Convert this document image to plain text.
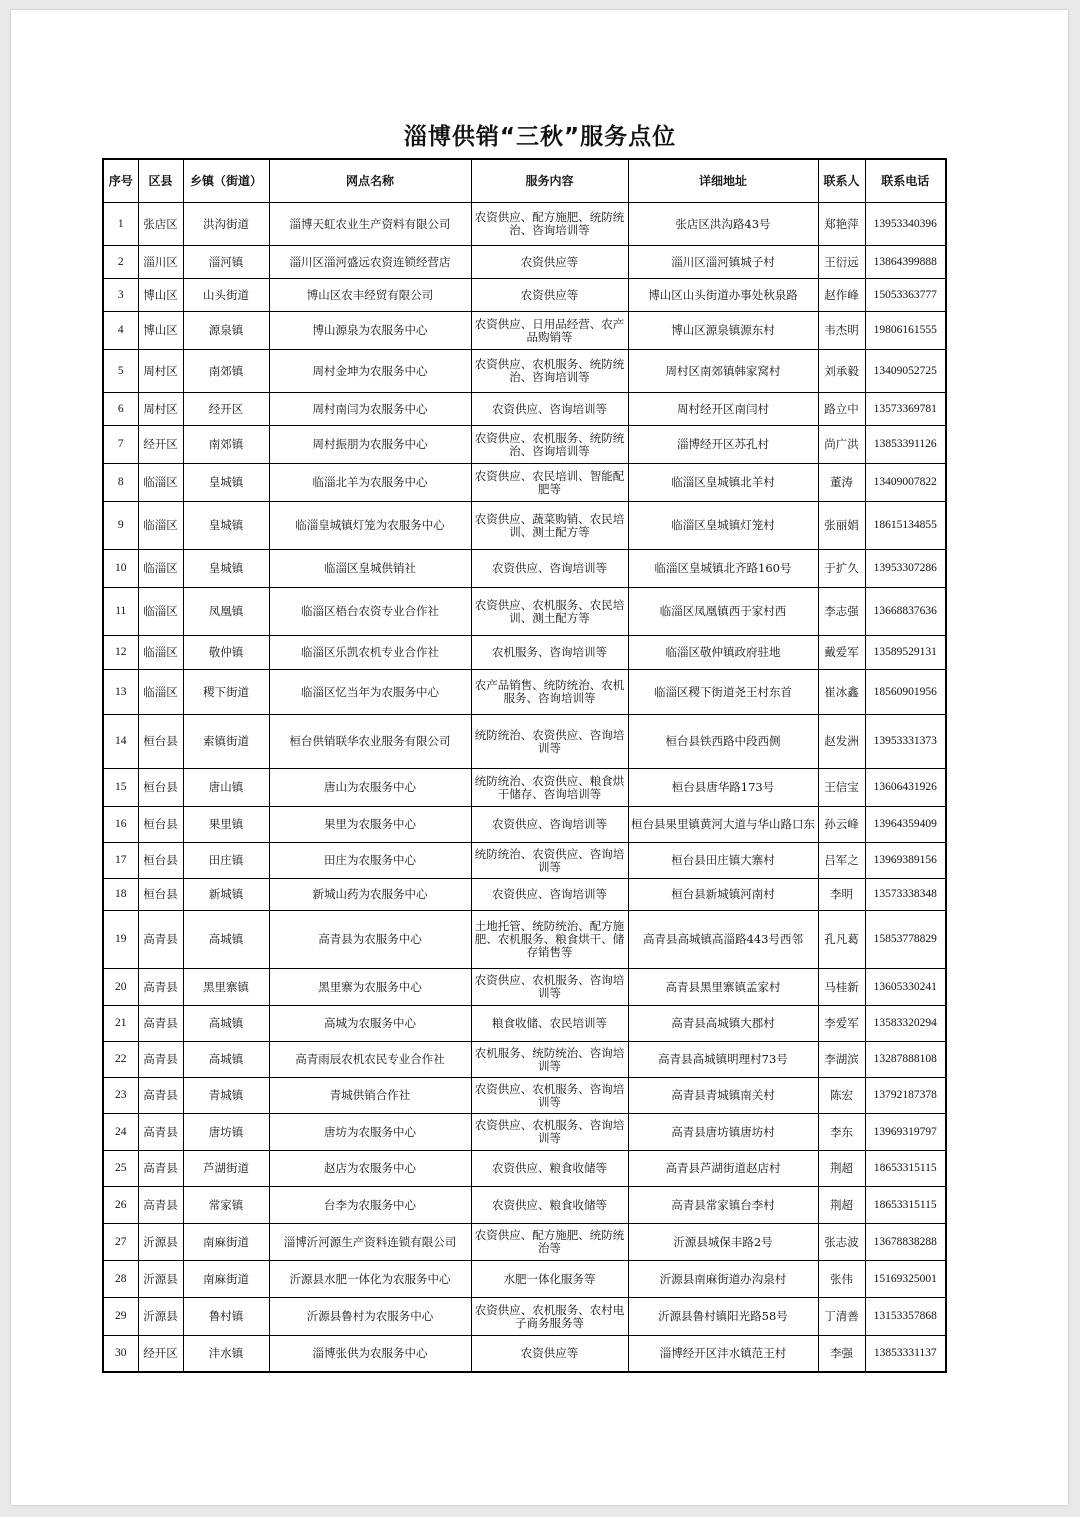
淄博供销“三秋”服务点位
序号	区县	乡镇（街道）	网点名称	服务内容	详细地址	联系人	联系电话
1	张店区	洪沟街道	淄博天虹农业生产资料有限公司	农资供应、配方施肥、统防统治、咨询培训等	张店区洪沟路43号	郑艳萍	13953340396
2	淄川区	淄河镇	淄川区淄河盛远农资连锁经营店	农资供应等	淄川区淄河镇城子村	王衍远	13864399888
3	博山区	山头街道	博山区农丰经贸有限公司	农资供应等	博山区山头街道办事处秋泉路	赵作峰	15053363777
4	博山区	源泉镇	博山源泉为农服务中心	农资供应、日用品经营、农产品购销等	博山区源泉镇源东村	韦杰明	19806161555
5	周村区	南郊镇	周村金坤为农服务中心	农资供应、农机服务、统防统治、咨询培训等	周村区南郊镇韩家窝村	刘承毅	13409052725
6	周村区	经开区	周村南闫为农服务中心	农资供应、咨询培训等	周村经开区南闫村	路立中	13573369781
7	经开区	南郊镇	周村振朋为农服务中心	农资供应、农机服务、统防统治、咨询培训等	淄博经开区苏孔村	尚广洪	13853391126
8	临淄区	皇城镇	临淄北羊为农服务中心	农资供应、农民培训、智能配肥等	临淄区皇城镇北羊村	董涛	13409007822
9	临淄区	皇城镇	临淄皇城镇灯笼为农服务中心	农资供应、蔬菜购销、农民培训、测土配方等	临淄区皇城镇灯笼村	张丽娟	18615134855
10	临淄区	皇城镇	临淄区皇城供销社	农资供应、咨询培训等	临淄区皇城镇北齐路160号	于扩久	13953307286
11	临淄区	凤凰镇	临淄区梧台农资专业合作社	农资供应、农机服务、农民培训、测土配方等	临淄区凤凰镇西于家村西	李志强	13668837636
12	临淄区	敬仲镇	临淄区乐凯农机专业合作社	农机服务、咨询培训等	临淄区敬仲镇政府驻地	戴爱军	13589529131
13	临淄区	稷下街道	临淄区忆当年为农服务中心	农产品销售、统防统治、农机服务、咨询培训等	临淄区稷下街道尧王村东首	崔冰鑫	18560901956
14	桓台县	索镇街道	桓台供销联华农业服务有限公司	统防统治、农资供应、咨询培训等	桓台县铁西路中段西侧	赵发洲	13953331373
15	桓台县	唐山镇	唐山为农服务中心	统防统治、农资供应、粮食烘干储存、咨询培训等	桓台县唐华路173号	王信宝	13606431926
16	桓台县	果里镇	果里为农服务中心	农资供应、咨询培训等	桓台县果里镇黄河大道与华山路口东	孙云峰	13964359409
17	桓台县	田庄镇	田庄为农服务中心	统防统治、农资供应、咨询培训等	桓台县田庄镇大寨村	吕军之	13969389156
18	桓台县	新城镇	新城山药为农服务中心	农资供应、咨询培训等	桓台县新城镇河南村	李明	13573338348
19	高青县	高城镇	高青县为农服务中心	土地托管、统防统治、配方施肥、农机服务、粮食烘干、储存销售等	高青县高城镇高淄路443号西邻	孔凡葛	15853778829
20	高青县	黑里寨镇	黑里寨为农服务中心	农资供应、农机服务、咨询培训等	高青县黑里寨镇孟家村	马桂新	13605330241
21	高青县	高城镇	高城为农服务中心	粮食收储、农民培训等	高青县高城镇大郡村	李爱军	13583320294
22	高青县	高城镇	高青雨辰农机农民专业合作社	农机服务、统防统治、咨询培训等	高青县高城镇明理村73号	李湖滨	13287888108
23	高青县	青城镇	青城供销合作社	农资供应、农机服务、咨询培训等	高青县青城镇南关村	陈宏	13792187378
24	高青县	唐坊镇	唐坊为农服务中心	农资供应、农机服务、咨询培训等	高青县唐坊镇唐坊村	李东	13969319797
25	高青县	芦湖街道	赵店为农服务中心	农资供应、粮食收储等	高青县芦湖街道赵店村	荆超	18653315115
26	高青县	常家镇	台李为农服务中心	农资供应、粮食收储等	高青县常家镇台李村	荆超	18653315115
27	沂源县	南麻街道	淄博沂河源生产资料连锁有限公司	农资供应、配方施肥、统防统治等	沂源县城保丰路2号	张志波	13678838288
28	沂源县	南麻街道	沂源县水肥一体化为农服务中心	水肥一体化服务等	沂源县南麻街道办沟泉村	张伟	15169325001
29	沂源县	鲁村镇	沂源县鲁村为农服务中心	农资供应、农机服务、农村电子商务服务等	沂源县鲁村镇阳光路58号	丁清善	13153357868
30	经开区	沣水镇	淄博张供为农服务中心	农资供应等	淄博经开区沣水镇范王村	李强	13853331137
